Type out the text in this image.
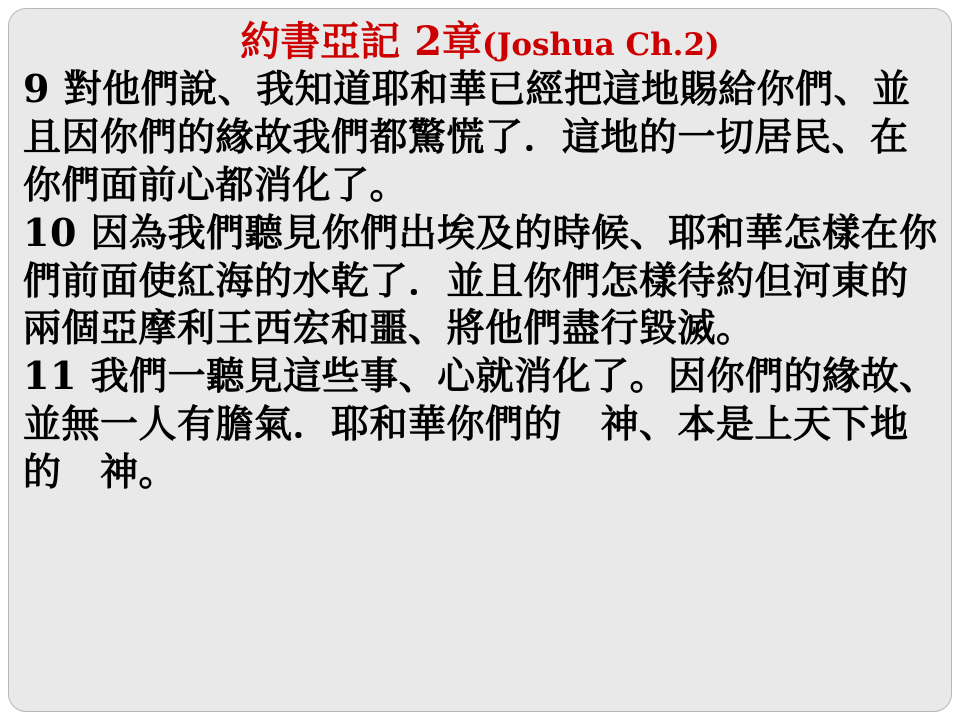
約書亞記 2章(Joshua Ch.2)

9 對他們說、我知道耶和華已經把這地賜給你們、並且因你們的緣故我們都驚慌了．這地的一切居民、在你們面前心都消化了。

10 因為我們聽見你們出埃及的時候、耶和華怎樣在你們前面使紅海的水乾了．並且你們怎樣待約但河東的兩個亞摩利王西宏和噩、將他們盡行毀滅。

11 我們一聽見這些事、心就消化了。因你們的緣故、並無一人有膽氣．耶和華你們的　神、本是上天下地的　神。
